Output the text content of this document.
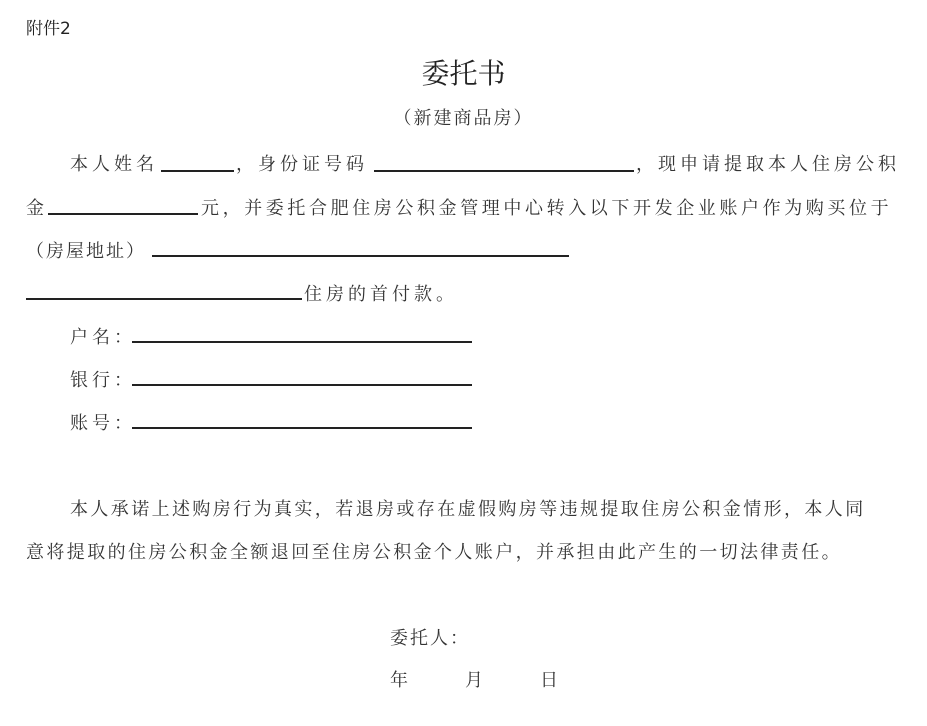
附件2
委托书
（新建商品房）
本人姓名	，身份证号码	，现申请提取本人住房公积
金	元，并委托合肥住房公积金管理中心转入以下开发企业账户作为购买位于
（房屋地址）
住房的首付款。
户名：
银行：
账号：
本人承诺上述购房行为真实，若退房或存在虚假购房等违规提取住房公积金情形，本人同
意将提取的住房公积金全额退回至住房公积金个人账户，并承担由此产生的一切法律责任。
委托人：
年	月	日
